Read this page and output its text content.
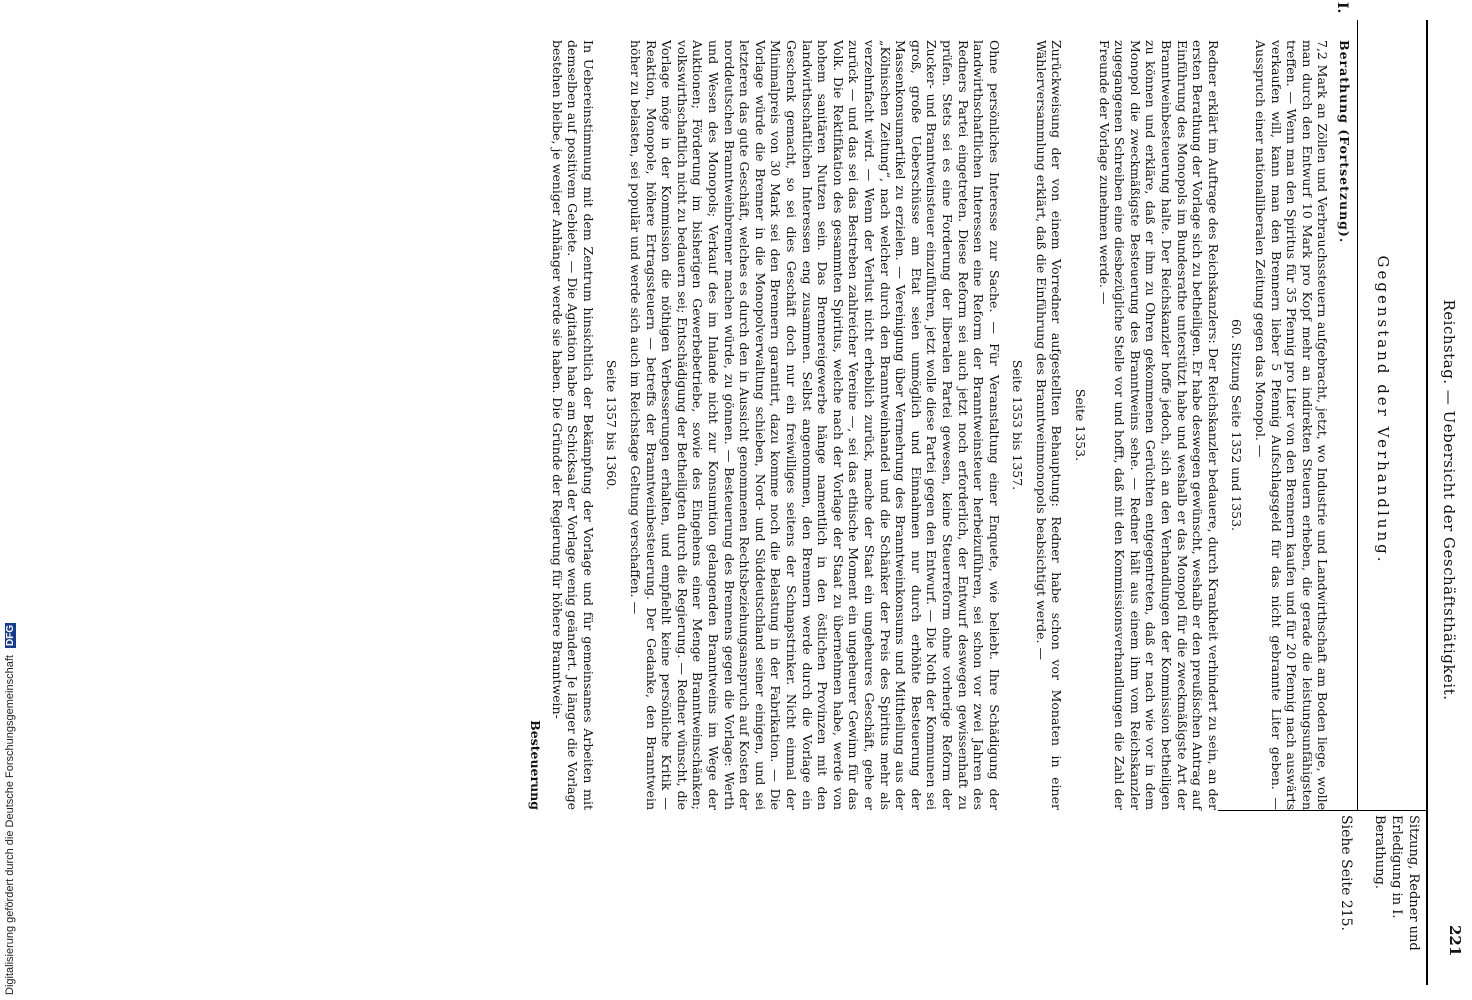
Reichstag. — Uebersicht der Geschäftsthätigkeit.
221
Gegenstand der Verhandlung.
Sitzung, Redner und Erledigung in I. Berathung.
Siehe Seite 215.
I.

Berathung (Fortsetzung).

7,2 Mark an Zöllen und Verbrauchssteuern aufgebracht, jetzt, wo Industrie und Landwirthschaft am Boden liege, wolle man durch den Entwurf 10 Mark pro Kopf mehr an indirekten Steuern erheben, die gerade die leistungsunfähigsten treffen. — Wenn man den Spiritus für 35 Pfennig pro Liter von den Brennern kaufen und für 20 Pfennig nach auswärts verkaufen will, kann man den Brennern lieber 5 Pfennig Aufschlagsgeld für das nicht gebrannte Liter geben. — Ausspruch einer nationalliberalen Zeitung gegen das Monopol. —

60. Sitzung Seite 1352 und 1353.

Redner erklärt im Auftrage des Reichskanzlers: Der Reichskanzler bedauere, durch Krankheit verhindert zu sein, an der ersten Berathung der Vorlage sich zu betheiligen. Er habe deswegen gewünscht, weshalb er den preußischen Antrag auf Einführung des Monopols im Bundesrathe unterstützt habe und weshalb er das Monopol für die zweckmäßigste Art der Branntweinbesteuerung halte. Der Reichskanzler hoffe jedoch, sich an den Verhandlungen der Kommission betheiligen zu können und erkläre, daß er ihm zu Ohren gekommenen Gerüchten entgegentreten, daß er nach wie vor in dem Monopol die zweckmäßigste Besteuerung des Branntweins sehe. — Redner hält aus einem ihm vom Reichskanzler zugegangenen Schreiben eine diesbezügliche Stelle vor und hofft, daß mit den Kommissionsverhandlungen die Zahl der Freunde der Vorlage zunehmen werde. —

Seite 1353.

Zurückweisung der von einem Vorredner aufgestellten Behauptung: Redner habe schon vor Monaten in einer Wählerversammlung erklärt, daß die Einführung des Branntweinmonopols beabsichtigt werde. —

Seite 1353 bis 1357.

Ohne persönliches Interesse zur Sache. — Für Veranstaltung einer Enquete, wie beliebt. Ihre Schädigung der landwirthschaftlichen Interessen eine Reform der Branntweinsteuer herbeizuführen, sei schon vor zwei Jahren des Redners Partei eingetreten. Diese Reform sei auch jetzt noch erforderlich, der Entwurf deswegen gewissenhaft zu prüfen. Stets sei es eine Forderung der liberalen Partei gewesen, keine Steuerreform ohne vorherige Reform der Zucker- und Branntweinsteuer einzuführen, jetzt wolle diese Partei gegen den Entwurf. — Die Noth der Kommunen sei groß, große Ueberschüsse am Etat seien unmöglich und Einnahmen nur durch erhöhte Besteuerung der Massenkonsumartikel zu erzielen. — Vereinigung über Vermehrung des Branntweinkonsums und Mittheilung aus der „Kölnischen Zeitung“, nach welcher durch den Branntweinhandel und die Schänker der Preis des Spiritus mehr als verzehnfacht wird. — Wenn der Verlust nicht erheblich zurück, mache der Staat ein ungeheures Geschäft, gehe er zurück — und das sei das Bestreben zahlreicher Vereine —, sei das ethische Moment ein ungeheurer Gewinn für das Volk. Die Rektifikation des gesammten Spiritus, welche nach der Vorlage der Staat zu übernehmen habe, werde von hohem sanitären Nutzen sein. Das Brennereigewerbe hänge namentlich in den östlichen Provinzen mit den landwirthschaftlichen Interessen eng zusammen. Selbst angenommen, den Brennern werde durch die Vorlage ein Geschenk gemacht, so sei dies Geschäft doch nur ein freiwilliges seitens der Schnapstrinker. Nicht einmal der Minimalpreis von 30 Mark sei den Brennern garantirt, dazu komme noch die Belastung in der Fabrikation. — Die Vorlage würde die Brenner in die Monopolverwaltung schieben, Nord- und Süddeutschland seiner einigen, und sei letzteren das gute Geschäft, welches es durch den in Aussicht genommenen Rechtsbeziehungsanspruch auf Kosten der norddeutschen Branntweinbrenner machen würde, zu gönnen. — Besteuerung des Brennens gegen die Vorlage: Werth und Wesen des Monopols; Verkauf des im Inlande nicht zur Konsumtion gelangenden Branntweins im Wege der Auktionen; Förderung im bisherigen Gewerbebetriebe, sowie des Eingehens einer Menge Branntweinschänken; volkswirthschaftlich nicht zu bedauern sei; Entschädigung der Betheiligten durch die Regierung. — Redner wünscht, die Vorlage möge in der Kommission die nöthigen Verbesserungen erhalten, und empfiehlt keine persönliche Kritik — Reaktion, Monopole, höhere Ertragssteuern — betreffs der Branntweinbesteuerung. Der Gedanke, den Branntwein höher zu belasten, sei populär und werde sich auch im Reichstage Geltung verschaffen. —

Seite 1357 bis 1360.

In Uebereinstimmung mit dem Zentrum hinsichtlich der Bekämpfung der Vorlage und für gemeinsames Arbeiten mit demselben auf positivem Gebiete. — Die Agitation habe am Schicksal der Vorlage wenig geändert. Je länger die Vorlage bestehen bleibe, je weniger Anhänger werde sie haben. Die Gründe der Regierung für höhere Branntwein-

Besteuerung

Digitalisierung gefördert durch die Deutsche Forschungsgemeinschaft DFG
